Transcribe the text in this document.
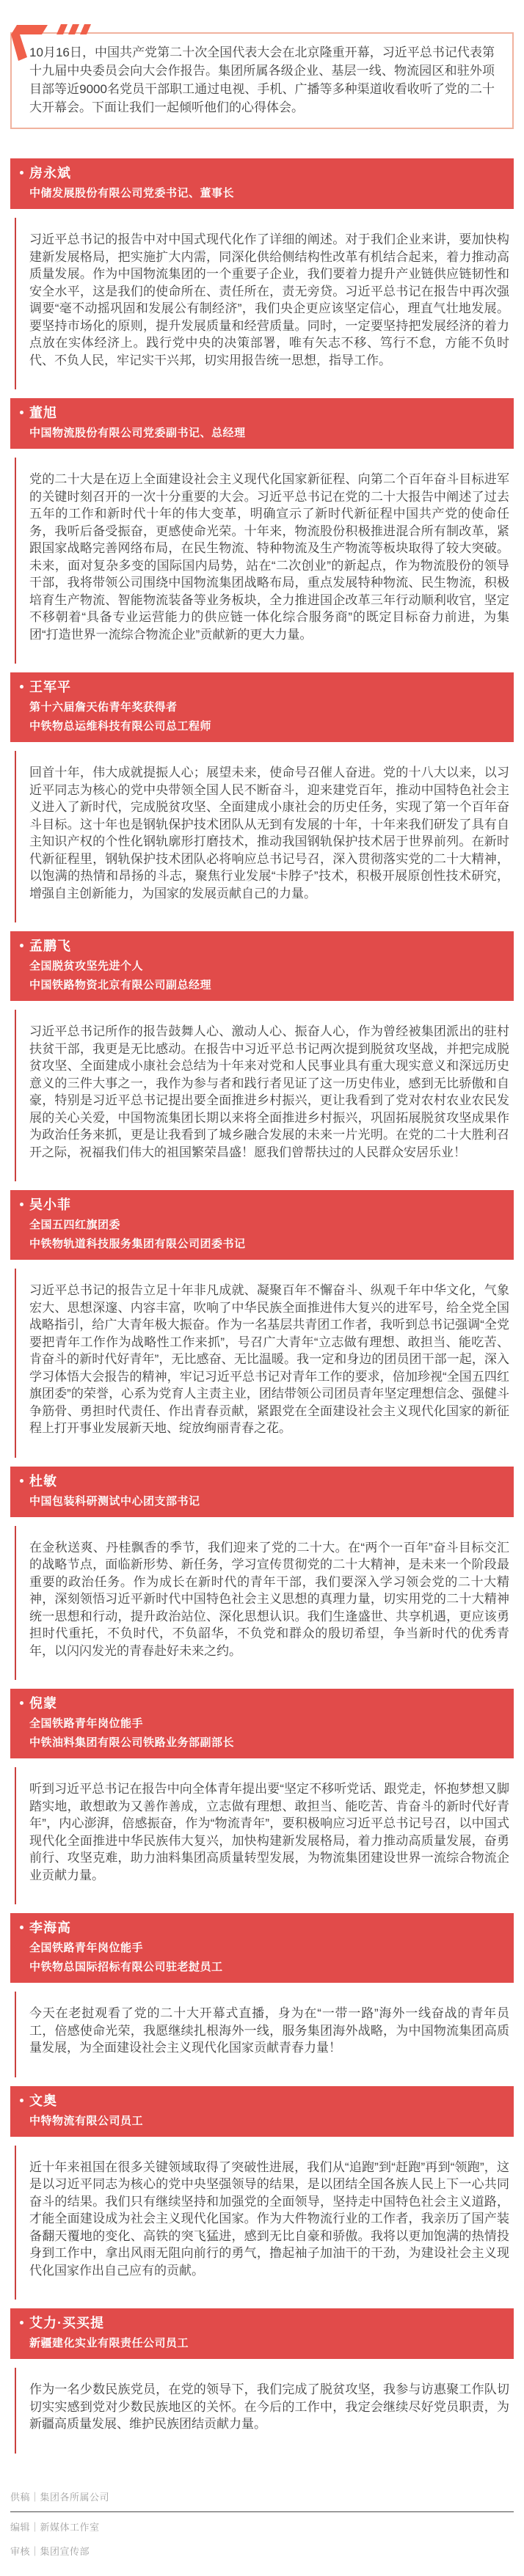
10月16日，中国共产党第二十次全国代表大会在北京隆重开幕，习近平总书记代表第十九届中央委员会向大会作报告。集团所属各级企业、基层一线、物流园区和驻外项目部等近9000名党员干部职工通过电视、手机、广播等多种渠道收看收听了党的二十大开幕会。下面让我们一起倾听他们的心得体会。

房永斌
中储发展股份有限公司党委书记、董事长

习近平总书记的报告中对中国式现代化作了详细的阐述。对于我们企业来讲，要加快构建新发展格局，把实施扩大内需，同深化供给侧结构性改革有机结合起来，着力推动高质量发展。作为中国物流集团的一个重要子企业，我们要着力提升产业链供应链韧性和安全水平，这是我们的使命所在、责任所在，责无旁贷。习近平总书记在报告中再次强调要“毫不动摇巩固和发展公有制经济”，我们央企更应该坚定信心，理直气壮地发展。要坚持市场化的原则，提升发展质量和经营质量。同时，一定要坚持把发展经济的着力点放在实体经济上。践行党中央的决策部署，唯有矢志不移、笃行不怠，方能不负时代、不负人民，牢记实干兴邦，切实用报告统一思想，指导工作。

董旭
中国物流股份有限公司党委副书记、总经理

党的二十大是在迈上全面建设社会主义现代化国家新征程、向第二个百年奋斗目标进军的关键时刻召开的一次十分重要的大会。习近平总书记在党的二十大报告中阐述了过去五年的工作和新时代十年的伟大变革，明确宣示了新时代新征程中国共产党的使命任务，我听后备受振奋，更感使命光荣。十年来，物流股份积极推进混合所有制改革，紧跟国家战略完善网络布局，在民生物流、特种物流及生产物流等板块取得了较大突破。未来，面对复杂多变的国际国内局势，站在“二次创业”的新起点，作为物流股份的领导干部，我将带领公司围绕中国物流集团战略布局，重点发展特种物流、民生物流，积极培育生产物流、智能物流装备等业务板块，全力推进国企改革三年行动顺利收官，坚定不移朝着“具备专业运营能力的供应链一体化综合服务商”的既定目标奋力前进，为集团“打造世界一流综合物流企业”贡献新的更大力量。

王军平
第十六届詹天佑青年奖获得者
中铁物总运维科技有限公司总工程师

回首十年，伟大成就提振人心；展望未来，使命号召催人奋进。党的十八大以来，以习近平同志为核心的党中央带领全国人民不断奋斗，迎来建党百年，推动中国特色社会主义进入了新时代，完成脱贫攻坚、全面建成小康社会的历史任务，实现了第一个百年奋斗目标。这十年也是钢轨保护技术团队从无到有发展的十年，十年来我们研发了具有自主知识产权的个性化钢轨廓形打磨技术，推动我国钢轨保护技术居于世界前列。在新时代新征程里，钢轨保护技术团队必将响应总书记号召，深入贯彻落实党的二十大精神，以饱满的热情和昂扬的斗志，聚焦行业发展“卡脖子”技术，积极开展原创性技术研究，增强自主创新能力，为国家的发展贡献自己的力量。

孟鹏飞
全国脱贫攻坚先进个人
中国铁路物资北京有限公司副总经理

习近平总书记所作的报告鼓舞人心、激动人心、振奋人心，作为曾经被集团派出的驻村扶贫干部，我更是无比感动。在报告中习近平总书记两次提到脱贫攻坚战，并把完成脱贫攻坚、全面建成小康社会总结为十年来对党和人民事业具有重大现实意义和深远历史意义的三件大事之一，我作为参与者和践行者见证了这一历史伟业，感到无比骄傲和自豪，特别是习近平总书记提出要全面推进乡村振兴，更让我看到了党对农村农业农民发展的关心关爱，中国物流集团长期以来将全面推进乡村振兴，巩固拓展脱贫攻坚成果作为政治任务来抓，更是让我看到了城乡融合发展的未来一片光明。在党的二十大胜利召开之际，祝福我们伟大的祖国繁荣昌盛！愿我们曾帮扶过的人民群众安居乐业！

吴小菲
全国五四红旗团委
中铁物轨道科技服务集团有限公司团委书记

习近平总书记的报告立足十年非凡成就、凝聚百年不懈奋斗、纵观千年中华文化，气象宏大、思想深邃、内容丰富，吹响了中华民族全面推进伟大复兴的进军号，给全党全国战略指引，给广大青年极大振奋。作为一名基层共青团工作者，我听到总书记强调“全党要把青年工作作为战略性工作来抓”，号召广大青年“立志做有理想、敢担当、能吃苦、肯奋斗的新时代好青年”，无比感奋、无比温暖。我一定和身边的团员团干部一起，深入学习体悟大会报告的精神，牢记习近平总书记对青年工作的要求，倍加珍视“全国五四红旗团委”的荣誉，心系为党育人主责主业，团结带领公司团员青年坚定理想信念、强健斗争筋骨、勇担时代责任、作出青春贡献，紧跟党在全面建设社会主义现代化国家的新征程上打开事业发展新天地、绽放绚丽青春之花。

杜敏
中国包装科研测试中心团支部书记

在金秋送爽、丹桂飘香的季节，我们迎来了党的二十大。在“两个一百年”奋斗目标交汇的战略节点，面临新形势、新任务，学习宣传贯彻党的二十大精神，是未来一个阶段最重要的政治任务。作为成长在新时代的青年干部，我们要深入学习领会党的二十大精神，深刻领悟习近平新时代中国特色社会主义思想的真理力量，切实用党的二十大精神统一思想和行动，提升政治站位、深化思想认识。我们生逢盛世、共享机遇，更应该勇担时代重托，不负时代，不负韶华，不负党和群众的殷切希望，争当新时代的优秀青年，以闪闪发光的青春赴好未来之约。

倪蒙
全国铁路青年岗位能手
中铁油料集团有限公司铁路业务部副部长

听到习近平总书记在报告中向全体青年提出要“坚定不移听党话、跟党走，怀抱梦想又脚踏实地，敢想敢为又善作善成，立志做有理想、敢担当、能吃苦、肯奋斗的新时代好青年”，内心澎湃，倍感振奋，作为“物流青年”，要积极响应习近平总书记号召，以中国式现代化全面推进中华民族伟大复兴，加快构建新发展格局，着力推动高质量发展，奋勇前行、攻坚克难，助力油料集团高质量转型发展，为物流集团建设世界一流综合物流企业贡献力量。

李海高
全国铁路青年岗位能手
中铁物总国际招标有限公司驻老挝员工

今天在老挝观看了党的二十大开幕式直播，身为在“一带一路”海外一线奋战的青年员工，倍感使命光荣，我愿继续扎根海外一线，服务集团海外战略，为中国物流集团高质量发展，为全面建设社会主义现代化国家贡献青春力量！

文奥
中特物流有限公司员工

近十年来祖国在很多关键领域取得了突破性进展，我们从“追跑”到“赶跑”再到“领跑”，这是以习近平同志为核心的党中央坚强领导的结果，是以团结全国各族人民上下一心共同奋斗的结果。我们只有继续坚持和加强党的全面领导，坚持走中国特色社会主义道路，才能全面建设成为社会主义现代化国家。作为大件物流行业的工作者，我亲历了国产装备翻天覆地的变化、高铁的突飞猛进，感到无比自豪和骄傲。我将以更加饱满的热情投身到工作中，拿出风雨无阻向前行的勇气，撸起袖子加油干的干劲，为建设社会主义现代化国家作出自己应有的贡献。

艾力·买买提
新疆建化实业有限责任公司员工

作为一名少数民族党员，在党的领导下，我们完成了脱贫攻坚，我参与访惠聚工作队切切实实感到党对少数民族地区的关怀。在今后的工作中，我定会继续尽好党员职责，为新疆高质量发展、维护民族团结贡献力量。

供稿｜集团各所属公司
编辑｜新媒体工作室
审核｜集团宣传部
